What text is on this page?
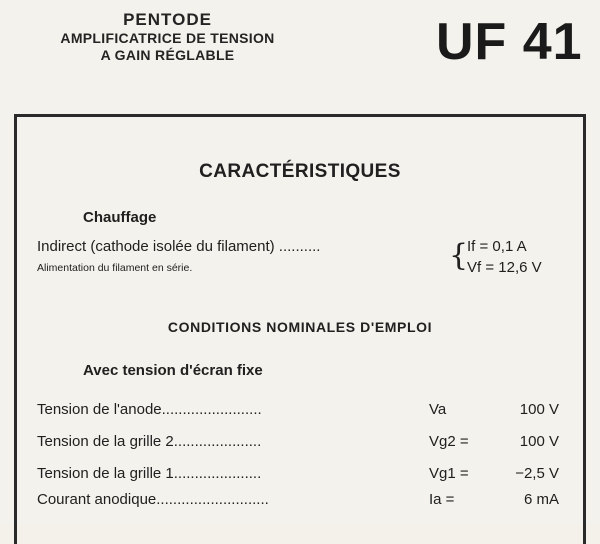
PENTODE
AMPLIFICATRICE DE TENSION
A GAIN RÉGLABLE	UF 41
CARACTÉRISTIQUES
Chauffage
Indirect (cathode isolée du filament) ..........
Alimentation du filament en série.	{
If = 0,1 A
Vf = 12,6 V
CONDITIONS NOMINALES D'EMPLOI
Avec tension d'écran fixe
Tension de l'anode........................	Va	100 V
Tension de la grille 2.....................	Vg2 =	100 V
Tension de la grille 1.....................	Vg1 =	−2,5 V
Courant anodique...........................	Ia =	6 mA
